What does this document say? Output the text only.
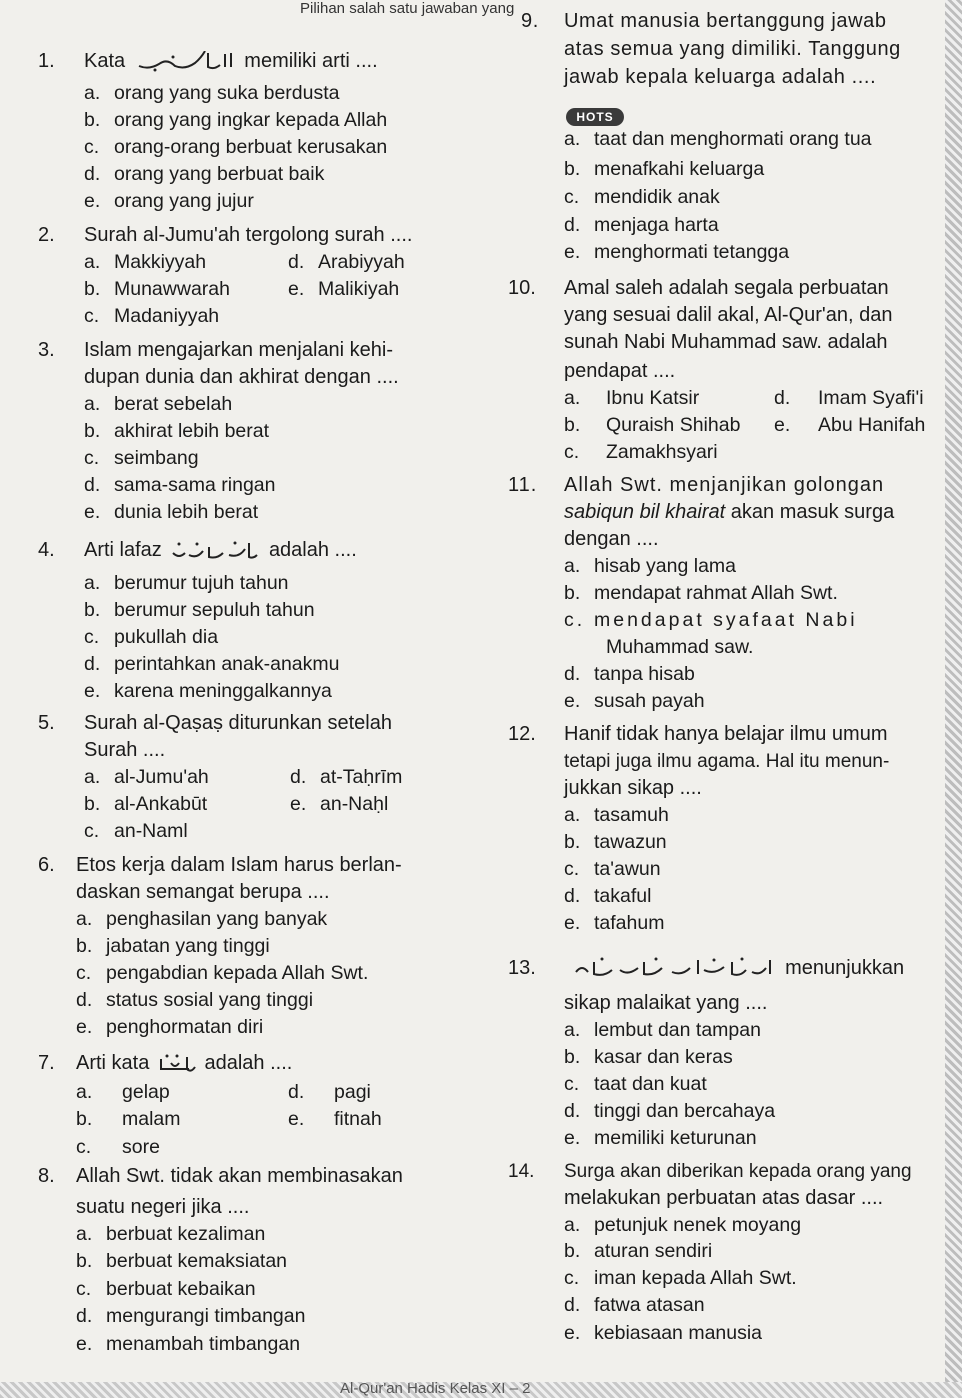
Pilihan salah satu jawaban yang
1. Kata	memiliki arti ....
a. orang yang suka berdusta
b. orang yang ingkar kepada Allah
c. orang-orang berbuat kerusakan
d. orang yang berbuat baik
e. orang yang jujur
2. Surah al-Jumu'ah tergolong surah ....
a. Makkiyyah	d. Arabiyyah
b. Munawwarah	e. Malikiyah
c. Madaniyyah
3. Islam mengajarkan menjalani kehi-
dupan dunia dan akhirat dengan ....
a. berat sebelah
b. akhirat lebih berat
c. seimbang
d. sama-sama ringan
e. dunia lebih berat
4. Arti lafaz	adalah ....
a. berumur tujuh tahun
b. berumur sepuluh tahun
c. pukullah dia
d. perintahkan anak-anakmu
e. karena meninggalkannya
5. Surah al-Qaṣaṣ diturunkan setelah
Surah ....
a. al-Jumu'ah	d. at-Taḥrīm
b. al-Ankabūt	e. an-Naḥl
c. an-Naml
6. Etos kerja dalam Islam harus berlan-
daskan semangat berupa ....
a. penghasilan yang banyak
b. jabatan yang tinggi
c. pengabdian kepada Allah Swt.
d. status sosial yang tinggi
e. penghormatan diri
7. Arti kata	adalah ....
a. gelap	d. pagi
b. malam	e. fitnah
c. sore
8. Allah Swt. tidak akan membinasakan
suatu negeri jika ....
a. berbuat kezaliman
b. berbuat kemaksiatan
c. berbuat kebaikan
d. mengurangi timbangan
e. menambah timbangan
9. Umat manusia bertanggung jawab
atas semua yang dimiliki. Tanggung
jawab kepala keluarga adalah ....
HOTS
a. taat dan menghormati orang tua
b. menafkahi keluarga
c. mendidik anak
d. menjaga harta
e. menghormati tetangga
10. Amal saleh adalah segala perbuatan
yang sesuai dalil akal, Al-Qur'an, dan
sunah Nabi Muhammad saw. adalah
pendapat ....
a. Ibnu Katsir	d. Imam Syafi'i
b. Quraish Shihab e. Abu Hanifah
c. Zamakhsyari
11. Allah Swt. menjanjikan golongan
sabiqun bil khairat akan masuk surga
dengan ....
a. hisab yang lama
b. mendapat rahmat Allah Swt.
c. mendapat syafaat Nabi
Muhammad saw.
d. tanpa hisab
e. susah payah
12. Hanif tidak hanya belajar ilmu umum
tetapi juga ilmu agama. Hal itu menun-
jukkan sikap ....
a. tasamuh
b. tawazun
c. ta'awun
d. takaful
e. tafahum
13.	menunjukkan
sikap malaikat yang ....
a. lembut dan tampan
b. kasar dan keras
c. taat dan kuat
d. tinggi dan bercahaya
e. memiliki keturunan
14. Surga akan diberikan kepada orang yang
melakukan perbuatan atas dasar ....
a. petunjuk nenek moyang
b. aturan sendiri
c. iman kepada Allah Swt.
d. fatwa atasan
e. kebiasaan manusia
Al-Qur'an Hadis Kelas XI – 2
